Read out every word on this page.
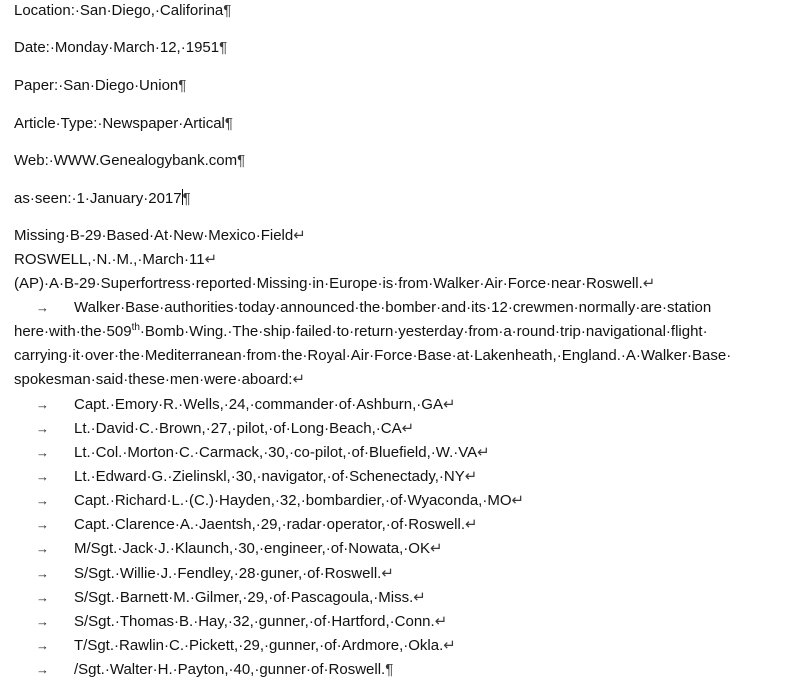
Location:·San·Diego,·Califorina¶
Date:·Monday·March·12,·1951¶
Paper:·San·Diego·Union¶
Article·Type:·Newspaper·Artical¶
Web:·WWW.Genealogybank.com¶
as·seen:·1·January·2017¶
Missing·B-29·Based·At·New·Mexico·Field↵
ROSWELL,·N.·M.,·March·11↵
(AP)·A·B-29·Superfortress·reported·Missing·in·Europe·is·from·Walker·Air·Force·near·Roswell.↵
→ Walker·Base·authorities·today·announced·the·bomber·and·its·12·crewmen·normally·are·station
here·with·the·509th·Bomb·Wing.·The·ship·failed·to·return·yesterday·from·a·round·trip·navigational·flight·
carrying·it·over·the·Mediterranean·from·the·Royal·Air·Force·Base·at·Lakenheath,·England.·A·Walker·Base·
spokesman·said·these·men·were·aboard:↵
→ Capt.·Emory·R.·Wells,·24,·commander·of·Ashburn,·GA↵
→ Lt.·David·C.·Brown,·27,·pilot,·of·Long·Beach,·CA↵
→ Lt.·Col.·Morton·C.·Carmack,·30,·co-pilot,·of·Bluefield,·W.·VA↵
→ Lt.·Edward·G.·Zielinskl,·30,·navigator,·of·Schenectady,·NY↵
→ Capt.·Richard·L.·(C.)·Hayden,·32,·bombardier,·of·Wyaconda,·MO↵
→ Capt.·Clarence·A.·Jaentsh,·29,·radar·operator,·of·Roswell.↵
→ M/Sgt.·Jack·J.·Klaunch,·30,·engineer,·of·Nowata,·OK↵
→ S/Sgt.·Willie·J.·Fendley,·28·guner,·of·Roswell.↵
→ S/Sgt.·Barnett·M.·Gilmer,·29,·of·Pascagoula,·Miss.↵
→ S/Sgt.·Thomas·B.·Hay,·32,·gunner,·of·Hartford,·Conn.↵
→ T/Sgt.·Rawlin·C.·Pickett,·29,·gunner,·of·Ardmore,·Okla.↵
→ /Sgt.·Walter·H.·Payton,·40,·gunner·of·Roswell.¶
